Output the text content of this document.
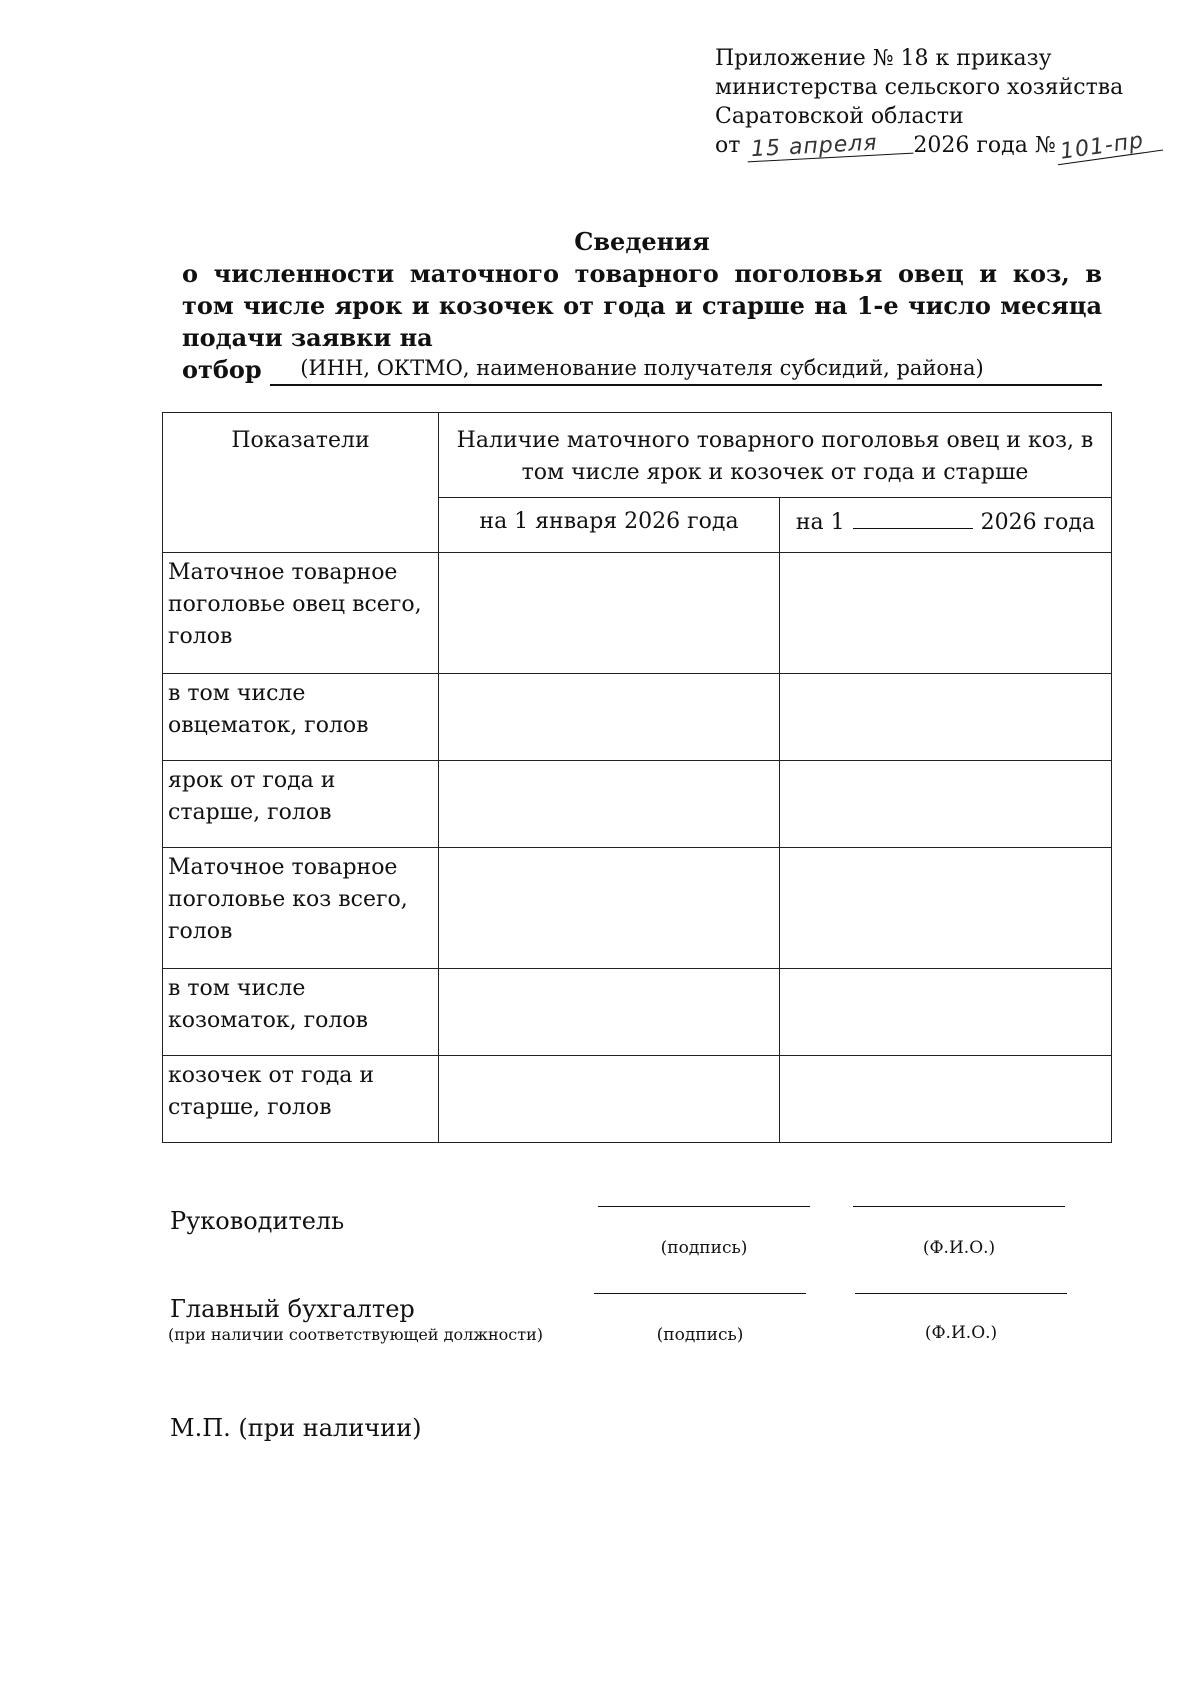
Приложение № 18 к приказу
министерства сельского хозяйства
Саратовской области
от 15 апреля 2026 года № 101-пр
Сведения
о численности маточного товарного поголовья овец и коз, в том числе ярок и козочек от года и старше на 1-е число месяца подачи заявки на
отбор	(ИНН, ОКТМО, наименование получателя субсидий, района)
Показатели	Наличие маточного товарного поголовья овец и коз, в том числе ярок и козочек от года и старше	
	на 1 января 2026 года	на 1 2026 года
Маточное товарное поголовье овец всего, голов		
в том числе овцематок, голов		
ярок от года и старше, голов		
Маточное товарное поголовье коз всего, голов		
в том числе козоматок, голов		
козочек от года и старше, голов		
Руководитель
(подпись)	(Ф.И.О.)
Главный бухгалтер
(при наличии соответствующей должности)	(подпись)	(Ф.И.О.)
М.П. (при наличии)
